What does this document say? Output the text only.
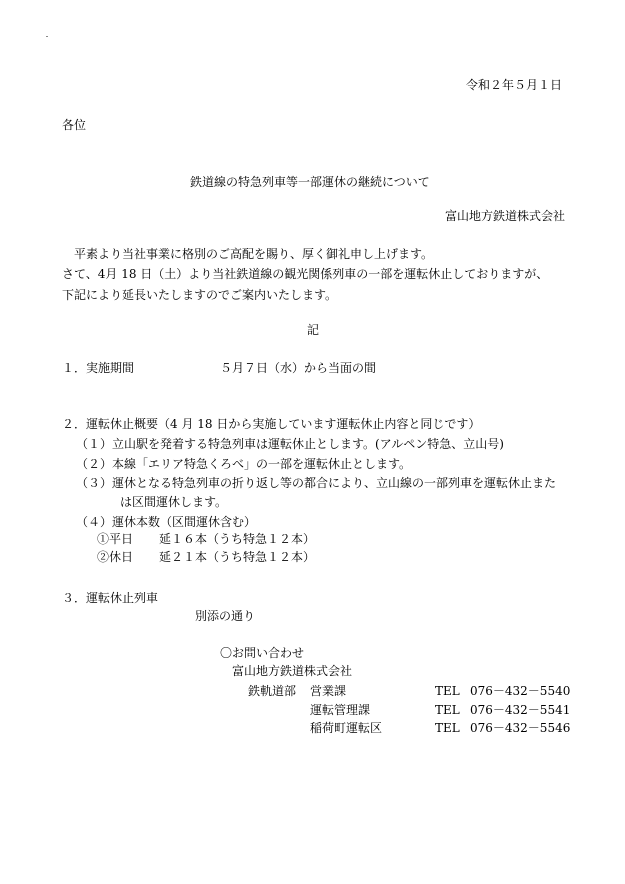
令和２年５月１日

各位

鉄道線の特急列車等一部運休の継続について

富山地方鉄道株式会社

平素より当社事業に格別のご高配を賜り、厚く御礼申し上げます。

さて、4月 18 日（土）より当社鉄道線の観光関係列車の一部を運転休止しておりますが、

下記により延長いたしますのでご案内いたします。

記

１．実施期間	５月７日（水）から当面の間

２．運転休止概要（4 月 18 日から実施しています運転休止内容と同じです）

（１）立山駅を発着する特急列車は運転休止とします。(アルペン特急、立山号)

（２）本線「エリア特急くろべ」の一部を運転休止とします。

（３）運休となる特急列車の折り返し等の都合により、立山線の一部列車を運転休止また

は区間運休します。

（４）運休本数（区間運休含む）

①平日 延１６本（うち特急１２本）

②休日 延２１本（うち特急１２本）

３．運転休止列車

別添の通り

〇お問い合わせ

富山地方鉄道株式会社

鉄軌道部 営業課	TEL 076－432－5540

運転管理課	TEL 076－432－5541

稲荷町運転区	TEL 076－432－5546
